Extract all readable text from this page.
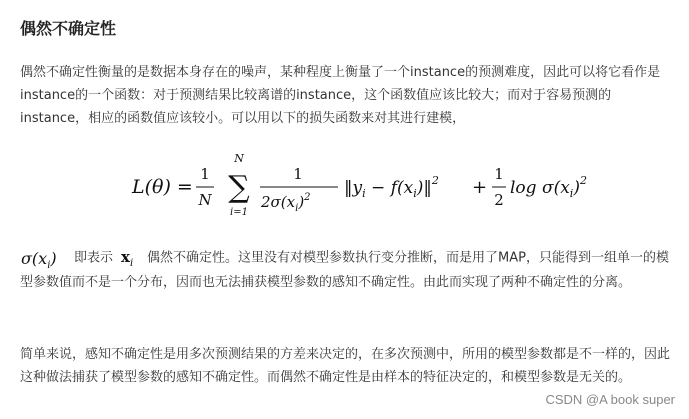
偶然不确定性
偶然不确定性衡量的是数据本身存在的噪声，某种程度上衡量了一个instance的预测难度，因此可以将它看作是instance的一个函数：对于预测结果比较离谱的instance，这个函数值应该比较大；而对于容易预测的instance，相应的函数值应该较小。可以用以下的损失函数来对其进行建模，
L(θ) =
1
N
N
∑
i=1
1
$2\sigma(x_i)^2$ $‖y_i$ − $f(x_i)‖^2$ +
1
2
$\log \sigma(x_i)^2$
$\sigma(x_i)$ 即表示 $x_i$ 偶然不确定性。这里没有对模型参数执行变分推断，而是用了MAP，只能得到一组单一的模型参数值而不是一个分布，因而也无法捕获模型参数的感知不确定性。由此而实现了两种不确定性的分离。
简单来说，感知不确定性是用多次预测结果的方差来决定的，在多次预测中，所用的模型参数都是不一样的，因此这种做法捕获了模型参数的感知不确定性。而偶然不确定性是由样本的特征决定的，和模型参数是无关的。
CSDN @A book super
